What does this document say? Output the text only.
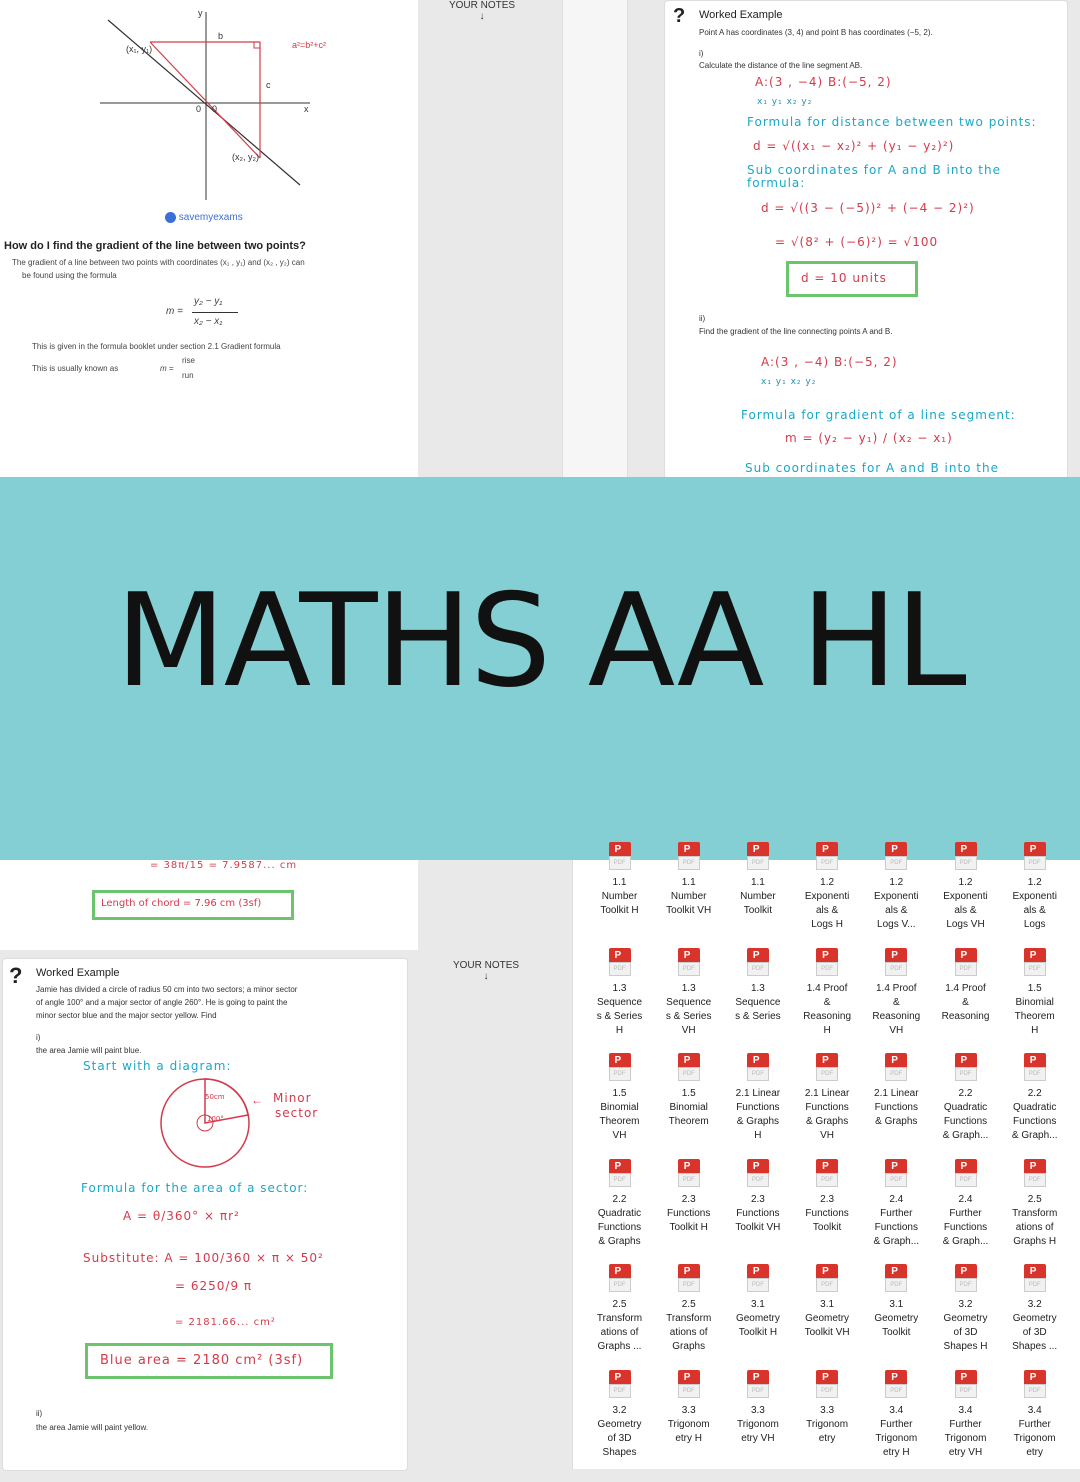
y
x
0 0
(x₁, y₁)
(x₂, y₂)
b
c
a²=b²+c²
savemyexams
How do I find the gradient of the line between two points?
The gradient of a line between two points with coordinates (x₁ , y₁) and (x₂ , y₂) can
be found using the formula
m =
y₂ − y₁
x₂ − x₁
This is given in the formula booklet under section 2.1 Gradient formula
This is usually known as	m =
rise
run
YOUR NOTES
↓	? Worked Example
Point A has coordinates (3, 4) and point B has coordinates (−5, 2).
i)
Calculate the distance of the line segment AB.
A:(3 , −4) B:(−5, 2)
x₁ y₁ x₂ y₂
Formula for distance between two points:
d = √((x₁ − x₂)² + (y₁ − y₂)²)
Sub coordinates for A and B into the
formula:
d = √((3 − (−5))² + (−4 − 2)²)
= √(8² + (−6)²) = √100
d = 10 units
ii)
Find the gradient of the line connecting points A and B.
A:(3 , −4) B:(−5, 2)
x₁ y₁ x₂ y₂
Formula for gradient of a line segment:
m = (y₂ − y₁) / (x₂ − x₁)
Sub coordinates for A and B into the
MATHS AA HL
= 38π/15 = 7.9587... cm
Length of chord = 7.96 cm (3sf)
? Worked Example
Jamie has divided a circle of radius 50 cm into two sectors; a minor sector
of angle 100° and a major sector of angle 260°. He is going to paint the
minor sector blue and the major sector yellow. Find
i)
the area Jamie will paint blue.
Start with a diagram:
50cm
100°
← Minor
sector
Formula for the area of a sector:
A = θ/360° × πr²
Substitute: A = 100/360 × π × 50²
= 6250/9 π
= 2181.66... cm²
Blue area = 2180 cm² (3sf)
ii)
the area Jamie will paint yellow.
YOUR NOTES
↓
PDF
P
1.1
Number
Toolkit H
PDF
P
1.1
Number
Toolkit VH
PDF
P
1.1
Number
Toolkit
PDF
P
1.2
Exponenti
als &
Logs H
PDF
P
1.2
Exponenti
als &
Logs V...
PDF
P
1.2
Exponenti
als &
Logs VH
PDF
P
1.2
Exponenti
als &
Logs
PDF
P
1.3
Sequence
s & Series
H
PDF
P
1.3
Sequence
s & Series
VH
PDF
P
1.3
Sequence
s & Series
PDF
P
1.4 Proof
&
Reasoning
H
PDF
P
1.4 Proof
&
Reasoning
VH
PDF
P
1.4 Proof
&
Reasoning
PDF
P
1.5
Binomial
Theorem
H
PDF
P
1.5
Binomial
Theorem
VH
PDF
P
1.5
Binomial
Theorem
PDF
P
2.1 Linear
Functions
& Graphs
H
PDF
P
2.1 Linear
Functions
& Graphs
VH
PDF
P
2.1 Linear
Functions
& Graphs
PDF
P
2.2
Quadratic
Functions
& Graph...
PDF
P
2.2
Quadratic
Functions
& Graph...
PDF
P
2.2
Quadratic
Functions
& Graphs
PDF
P
2.3
Functions
Toolkit H
PDF
P
2.3
Functions
Toolkit VH
PDF
P
2.3
Functions
Toolkit
PDF
P
2.4
Further
Functions
& Graph...
PDF
P
2.4
Further
Functions
& Graph...
PDF
P
2.5
Transform
ations of
Graphs H
PDF
P
2.5
Transform
ations of
Graphs ...
PDF
P
2.5
Transform
ations of
Graphs
PDF
P
3.1
Geometry
Toolkit H
PDF
P
3.1
Geometry
Toolkit VH
PDF
P
3.1
Geometry
Toolkit
PDF
P
3.2
Geometry
of 3D
Shapes H
PDF
P
3.2
Geometry
of 3D
Shapes ...
PDF
P
3.2
Geometry
of 3D
Shapes
PDF
P
3.3
Trigonom
etry H
PDF
P
3.3
Trigonom
etry VH
PDF
P
3.3
Trigonom
etry
PDF
P
3.4
Further
Trigonom
etry H
PDF
P
3.4
Further
Trigonom
etry VH
PDF
P
3.4
Further
Trigonom
etry
